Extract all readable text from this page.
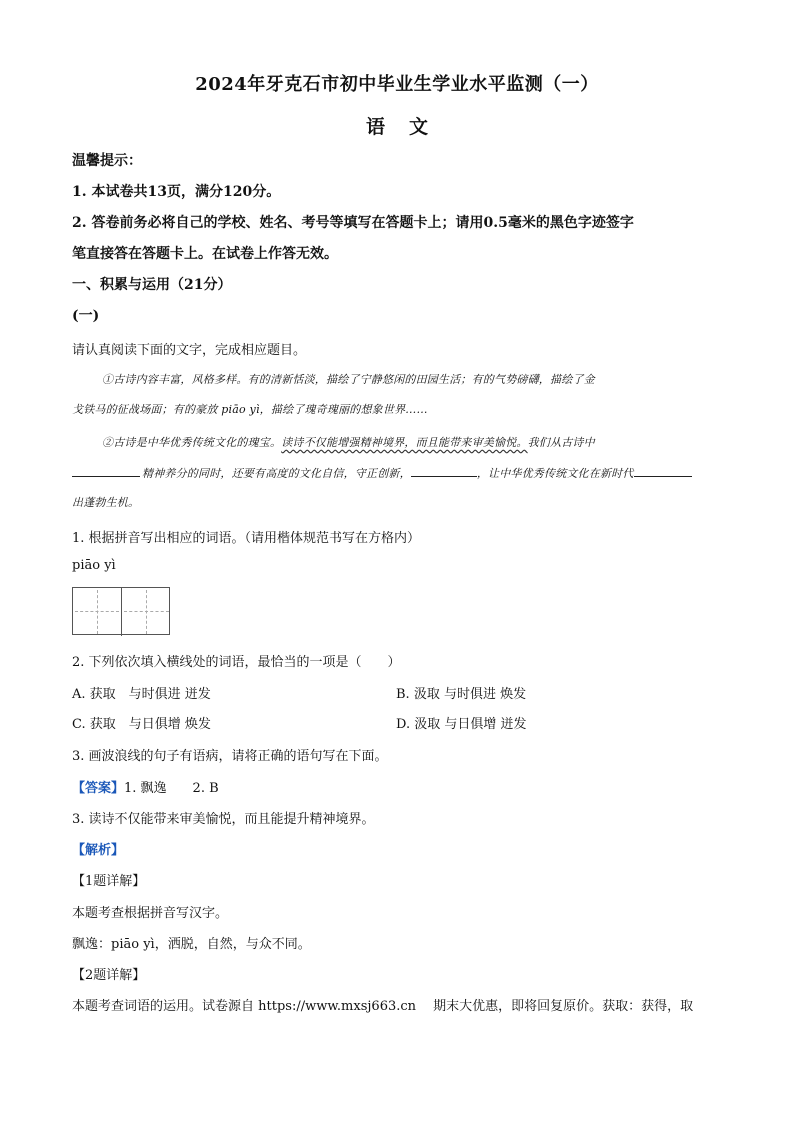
2024年牙克石市初中毕业生学业水平监测（一）
语文
温馨提示：
1. 本试卷共13页，满分120分。
2. 答卷前务必将自己的学校、姓名、考号等填写在答题卡上；请用0.5毫米的黑色字迹签字
笔直接答在答题卡上。在试卷上作答无效。
一、积累与运用（21分）
(一)
请认真阅读下面的文字，完成相应题目。
①古诗内容丰富，风格多样。有的清新恬淡，描绘了宁静悠闲的田园生活；有的气势磅礴，描绘了金
戈铁马的征战场面；有的豪放 piāo yì，描绘了瑰奇瑰丽的想象世界……
②古诗是中华优秀传统文化的瑰宝。读诗不仅能增强精神境界，而且能带来审美愉悦。我们从古诗中
精神养分的同时，还要有高度的文化自信，守正创新，	，让中华优秀传统文化在新时代
出蓬勃生机。
1. 根据拼音写出相应的词语。（请用楷体规范书写在方格内）
piāo yì
2. 下列依次填入横线处的词语，最恰当的一项是（　　）
A. 获取　与时俱进 迸发	B. 汲取 与时俱进 焕发
C. 获取　与日俱增 焕发	D. 汲取 与日俱增 迸发
3. 画波浪线的句子有语病，请将正确的语句写在下面。
【答案】1. 飘逸　　2. B
3. 读诗不仅能带来审美愉悦，而且能提升精神境界。
【解析】
【1题详解】
本题考查根据拼音写汉字。
飘逸：piāo yì，洒脱，自然，与众不同。
【2题详解】
本题考查词语的运用。试卷源自 https://www.mxsj663.cn　 期末大优惠，即将回复原价。获取：获得，取
